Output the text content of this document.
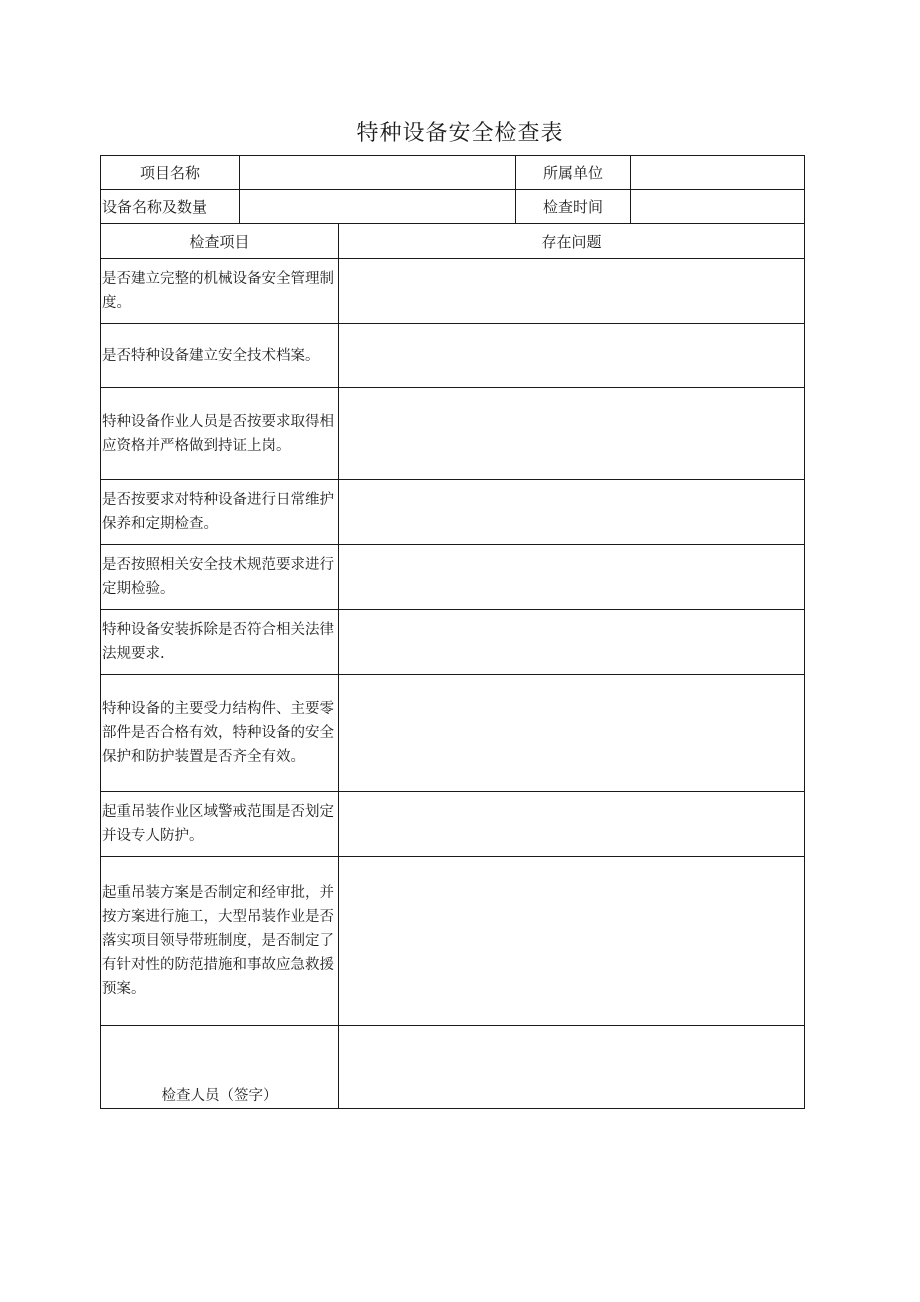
特种设备安全检查表
项目名称			所属单位	
设备名称及数量			检查时间	
检查项目		存在问题		
是否建立完整的机械设备安全管理制度。				
是否特种设备建立安全技术档案。				
特种设备作业人员是否按要求取得相应资格并严格做到持证上岗。				
是否按要求对特种设备进行日常维护保养和定期检查。				
是否按照相关安全技术规范要求进行定期检验。				
特种设备安装拆除是否符合相关法律法规要求.				
特种设备的主要受力结构件、主要零部件是否合格有效，特种设备的安全保护和防护装置是否齐全有效。				
起重吊装作业区域警戒范围是否划定并设专人防护。				
起重吊装方案是否制定和经审批，并按方案进行施工，大型吊装作业是否落实项目领导带班制度，是否制定了有针对性的防范措施和事故应急救援预案。				

检查人员（签字）				
